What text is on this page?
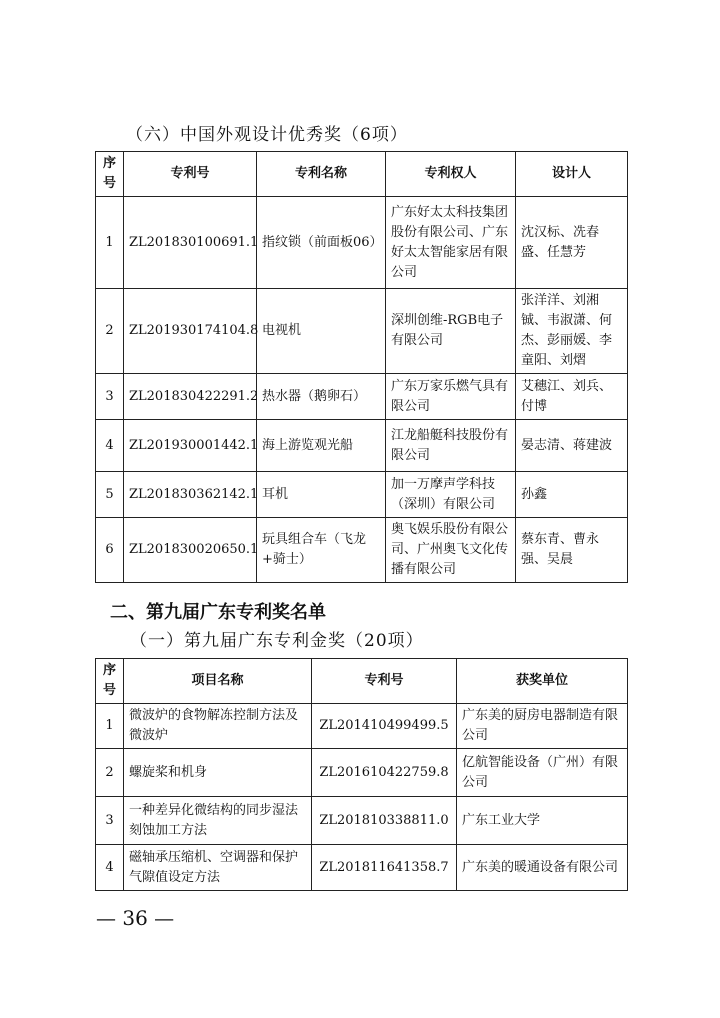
（六）中国外观设计优秀奖（6项）
序号	专利号	专利名称	专利权人	设计人
1	ZL201830100691.1	指纹锁（前面板06）	广东好太太科技集团股份有限公司、广东好太太智能家居有限公司	沈汉标、冼春盛、任慧芳
2	ZL201930174104.8	电视机	深圳创维-RGB电子有限公司	张洋洋、刘湘铖、韦淑潇、何杰、彭丽媛、李童阳、刘熠
3	ZL201830422291.2	热水器（鹅卵石）	广东万家乐燃气具有限公司	艾穗江、刘兵、付博
4	ZL201930001442.1	海上游览观光船	江龙船艇科技股份有限公司	晏志清、蒋建波
5	ZL201830362142.1	耳机	加一万摩声学科技（深圳）有限公司	孙鑫
6	ZL201830020650.1	玩具组合车（飞龙+骑士）	奥飞娱乐股份有限公司、广州奥飞文化传播有限公司	蔡东青、曹永强、吴晨
二、第九届广东专利奖名单
（一）第九届广东专利金奖（20项）
序号	项目名称	专利号	获奖单位
1	微波炉的食物解冻控制方法及微波炉	ZL201410499499.5	广东美的厨房电器制造有限公司
2	螺旋桨和机身	ZL201610422759.8	亿航智能设备（广州）有限公司
3	一种差异化微结构的同步湿法刻蚀加工方法	ZL201810338811.0	广东工业大学
4	磁轴承压缩机、空调器和保护气隙值设定方法	ZL201811641358.7	广东美的暖通设备有限公司
— 36 —
